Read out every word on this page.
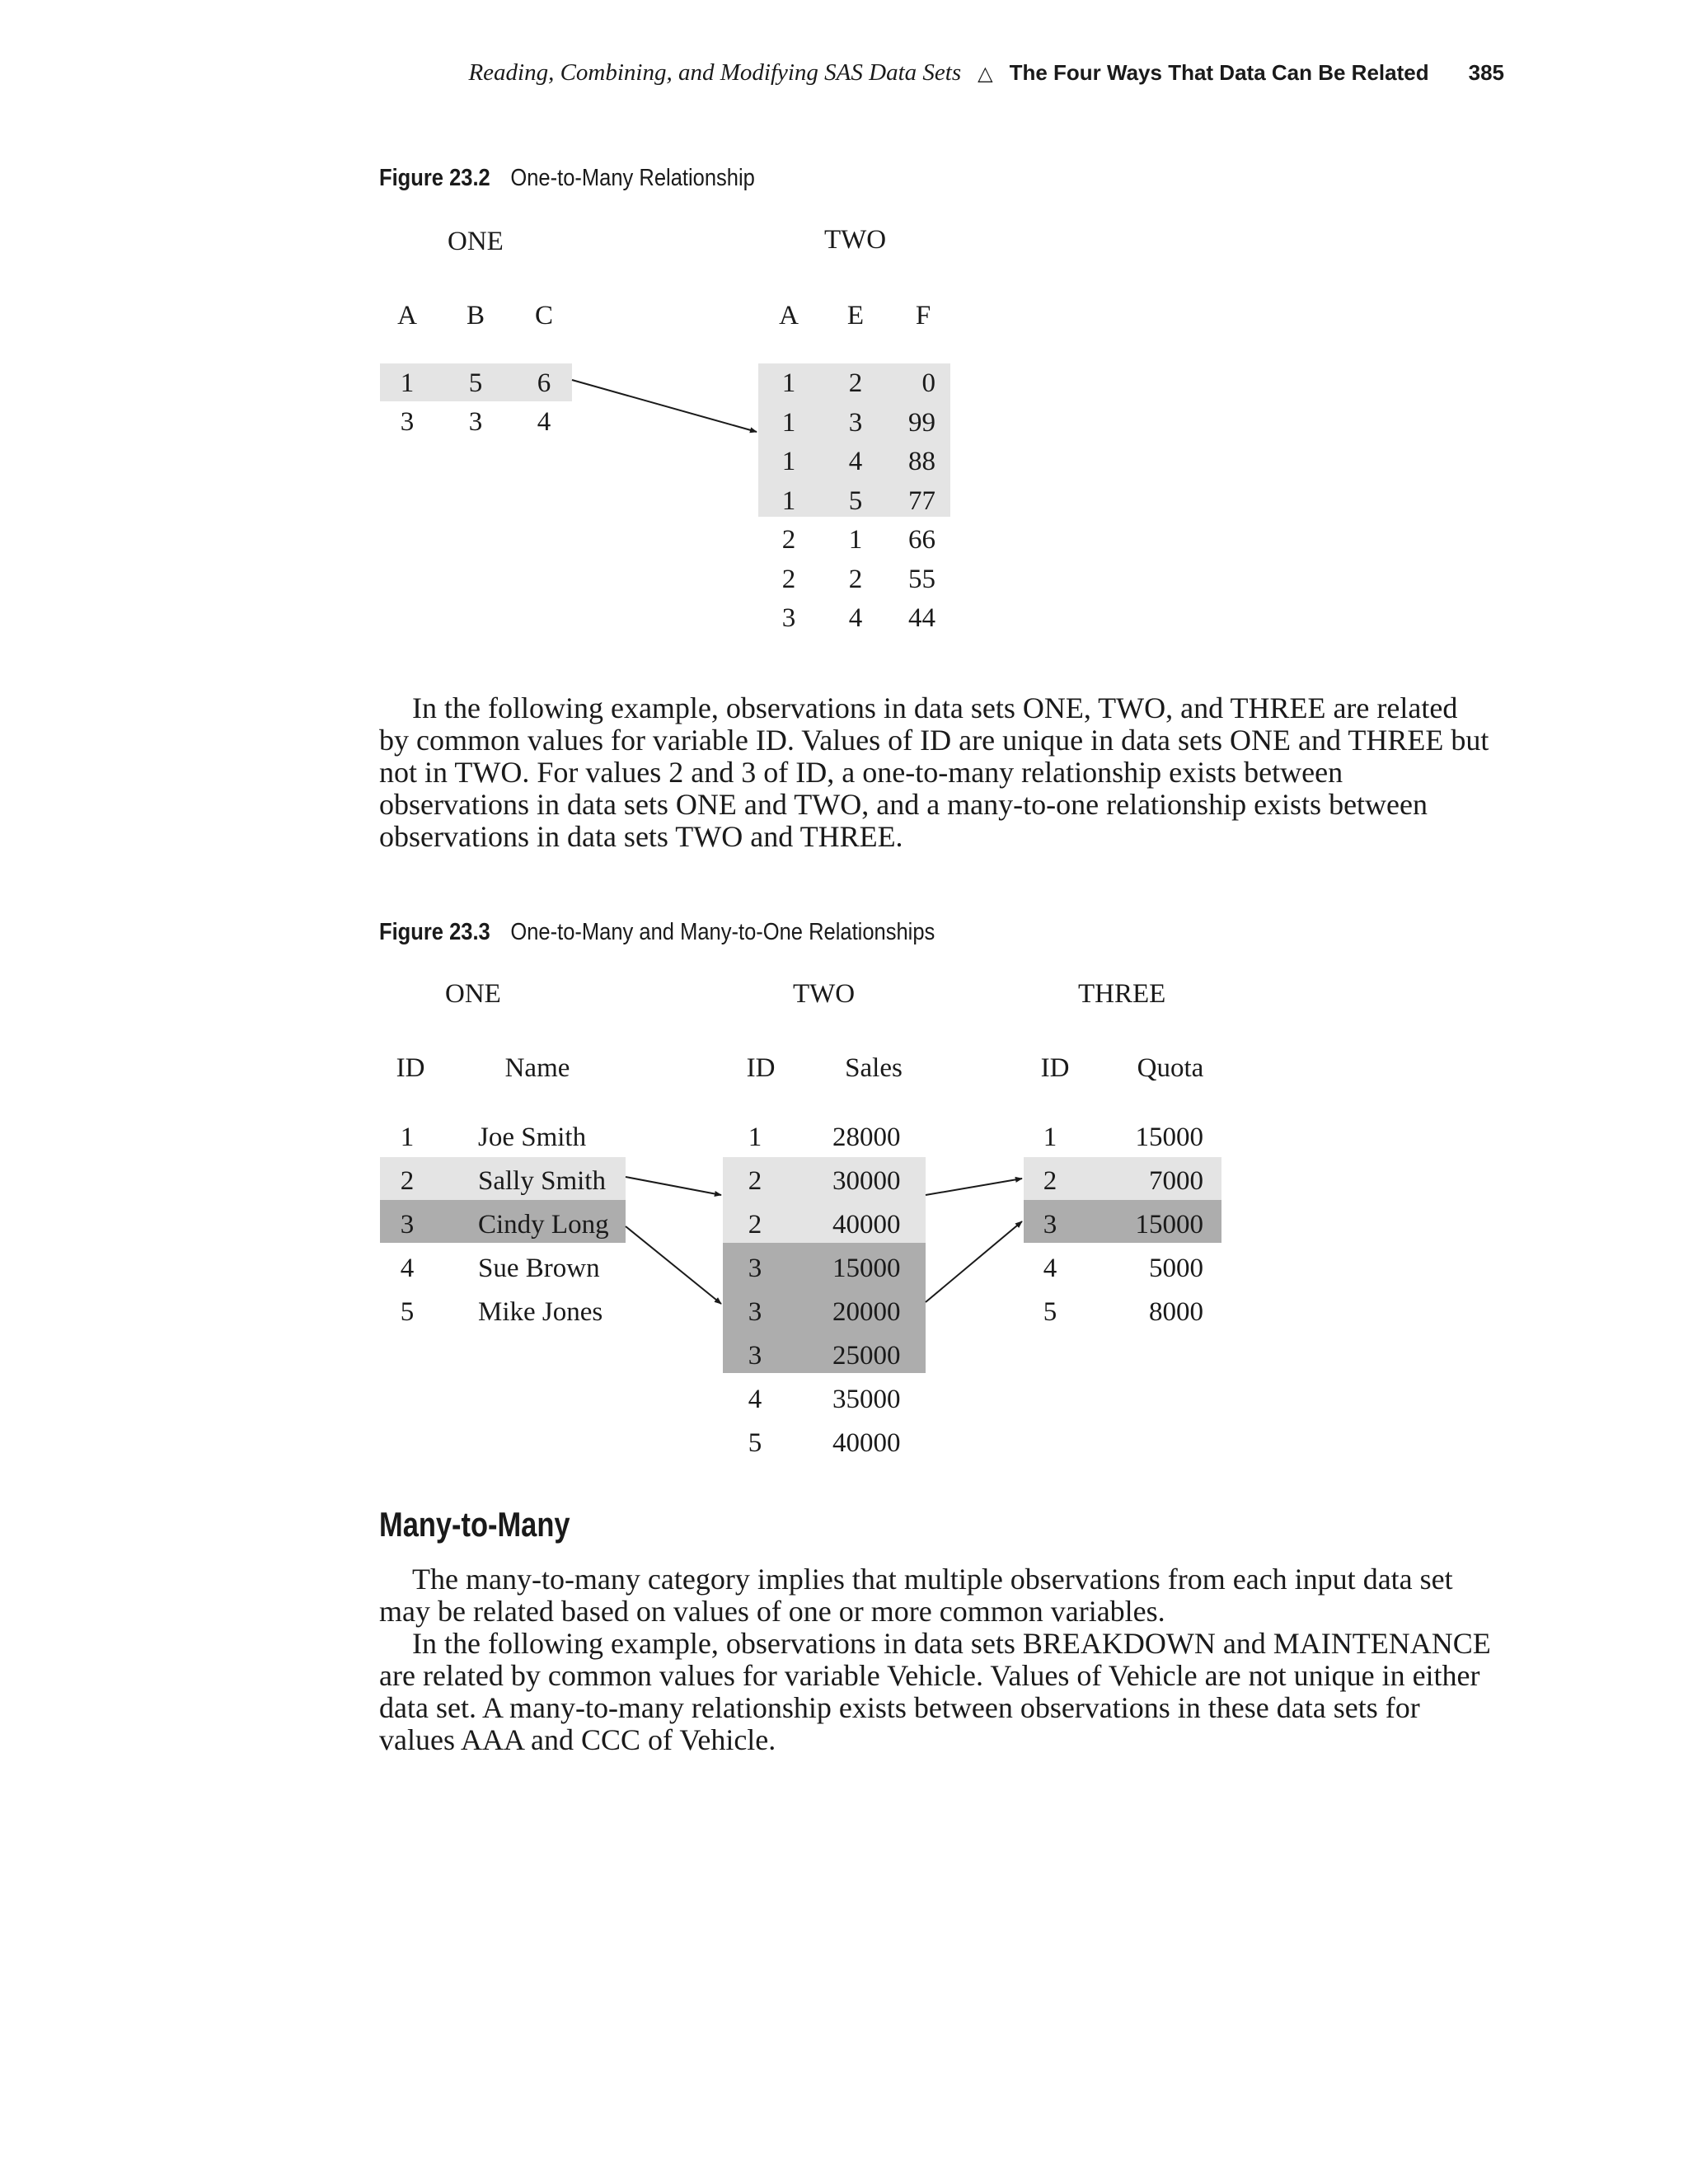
Reading, Combining, and Modifying SAS Data Sets △ The Four Ways That Data Can Be Related 385
Figure 23.2 One-to-Many Relationship
ONE	TWO
A B C
1	5	6
3	3	4
A	E	F
1	2	0
1	3	99
1	4	88
1	5	77
2	1	66
2	2	55
3	4	44

In the following example, observations in data sets ONE, TWO, and THREE are related by common values for variable ID. Values of ID are unique in data sets ONE and THREE but not in TWO. For values 2 and 3 of ID, a one-to-many relationship exists between observations in data sets ONE and TWO, and a many-to-one relationship exists between observations in data sets TWO and THREE.

Figure 23.3 One-to-Many and Many-to-One Relationships
ONE	TWO	THREE
ID	Name
1	Joe Smith
2	Sally Smith
3	Cindy Long
4	Sue Brown
5	Mike Jones
ID	Sales
1	28000
2	30000
2	40000
3	15000
3	20000
3	25000
4	35000
5	40000
ID Quota
1	15000
2	7000
3	15000
4	5000
5	8000
Many-to-Many

The many-to-many category implies that multiple observations from each input data set may be related based on values of one or more common variables.

In the following example, observations in data sets BREAKDOWN and MAINTENANCE are related by common values for variable Vehicle. Values of Vehicle are not unique in either data set. A many-to-many relationship exists between observations in these data sets for values AAA and CCC of Vehicle.
